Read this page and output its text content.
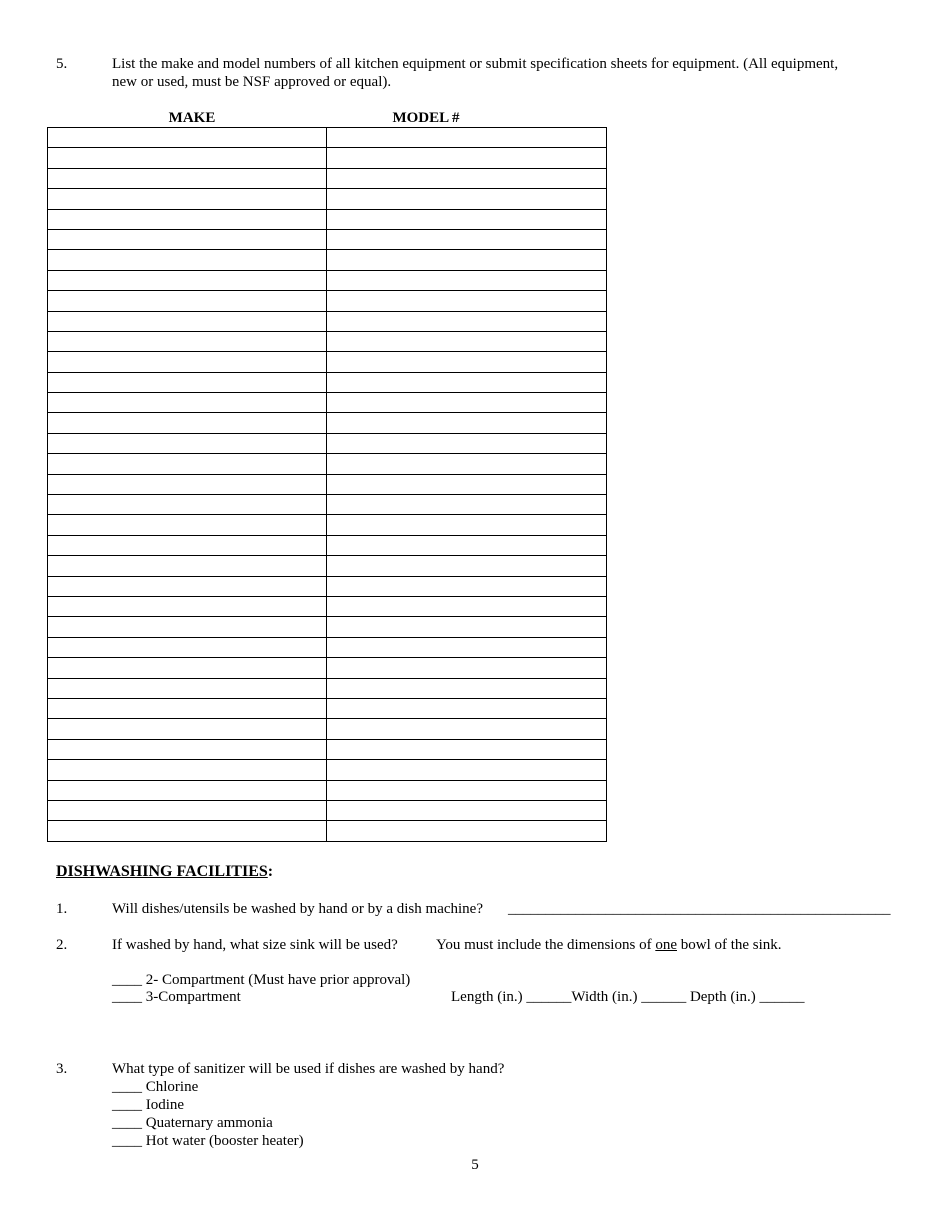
5.	List the make and model numbers of all kitchen equipment or submit specification sheets for equipment. (All equipment,
new or used, must be NSF approved or equal).
MAKE	MODEL #

DISHWASHING FACILITIES:
1.	Will dishes/utensils be washed by hand or by a dish machine? ___________________________________________________
2.	If washed by hand, what size sink will be used?	You must include the dimensions of one bowl of the sink.
____ 2- Compartment (Must have prior approval)
____ 3-Compartment	Length (in.) ______Width (in.) ______ Depth (in.) ______
3.	What type of sanitizer will be used if dishes are washed by hand?
____ Chlorine
____ Iodine
____ Quaternary ammonia
____ Hot water (booster heater)
5
